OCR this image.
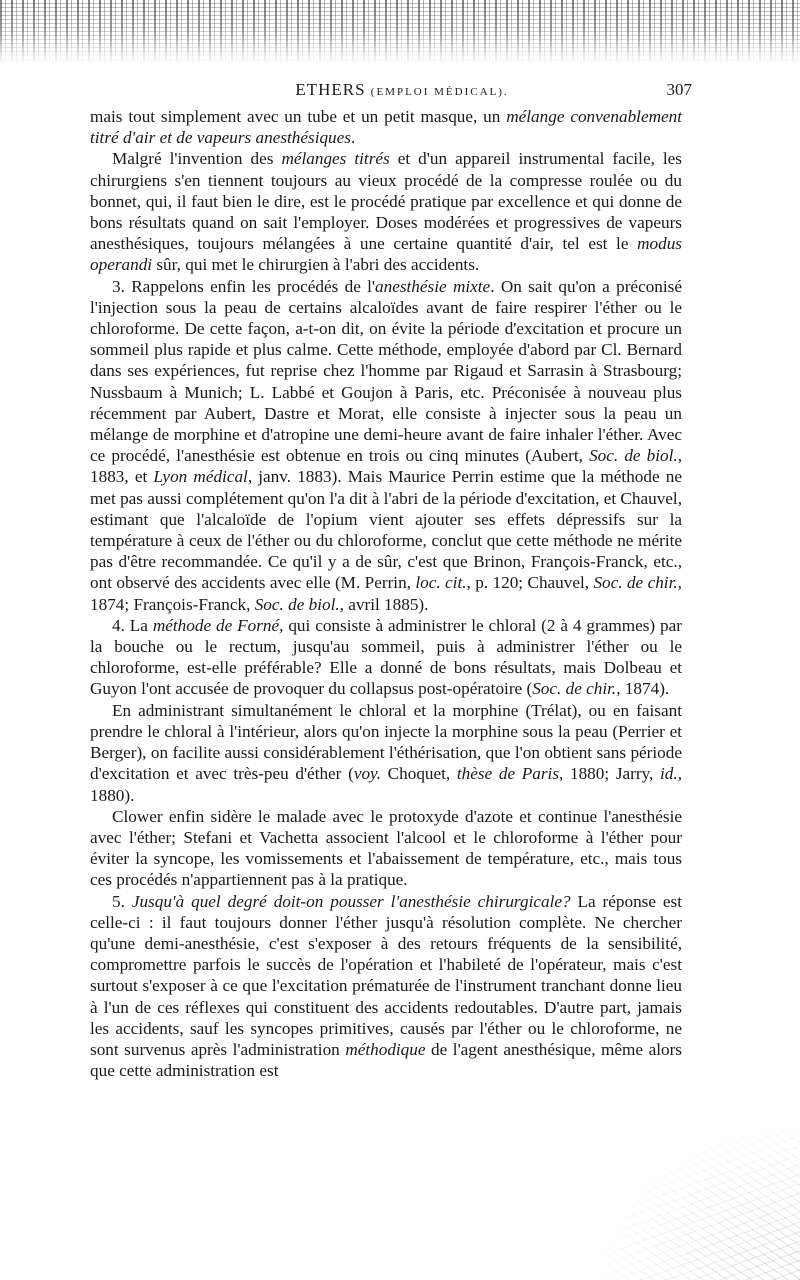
ETHERS (EMPLOI MÉDICAL).	307

mais tout simplement avec un tube et un petit masque, un mélange convenablement titré d'air et de vapeurs anesthésiques.

Malgré l'invention des mélanges titrés et d'un appareil instrumental facile, les chirurgiens s'en tiennent toujours au vieux procédé de la compresse roulée ou du bonnet, qui, il faut bien le dire, est le procédé pratique par excellence et qui donne de bons résultats quand on sait l'employer. Doses modérées et progressives de vapeurs anesthésiques, toujours mélangées à une certaine quantité d'air, tel est le modus operandi sûr, qui met le chirurgien à l'abri des accidents.

3. Rappelons enfin les procédés de l'anesthésie mixte. On sait qu'on a préconisé l'injection sous la peau de certains alcaloïdes avant de faire respirer l'éther ou le chloroforme. De cette façon, a-t-on dit, on évite la période d'excitation et procure un sommeil plus rapide et plus calme. Cette méthode, employée d'abord par Cl. Bernard dans ses expériences, fut reprise chez l'homme par Rigaud et Sarrasin à Strasbourg; Nussbaum à Munich; L. Labbé et Goujon à Paris, etc. Préconisée à nouveau plus récemment par Aubert, Dastre et Morat, elle consiste à injecter sous la peau un mélange de morphine et d'atropine une demi-heure avant de faire inhaler l'éther. Avec ce procédé, l'anesthésie est obtenue en trois ou cinq minutes (Aubert, Soc. de biol., 1883, et Lyon médical, janv. 1883). Mais Maurice Perrin estime que la méthode ne met pas aussi complétement qu'on l'a dit à l'abri de la période d'excitation, et Chauvel, estimant que l'alcaloïde de l'opium vient ajouter ses effets dépressifs sur la température à ceux de l'éther ou du chloroforme, conclut que cette méthode ne mérite pas d'être recommandée. Ce qu'il y a de sûr, c'est que Brinon, François-Franck, etc., ont observé des accidents avec elle (M. Perrin, loc. cit., p. 120; Chauvel, Soc. de chir., 1874; François-Franck, Soc. de biol., avril 1885).

4. La méthode de Forné, qui consiste à administrer le chloral (2 à 4 grammes) par la bouche ou le rectum, jusqu'au sommeil, puis à administrer l'éther ou le chloroforme, est-elle préférable? Elle a donné de bons résultats, mais Dolbeau et Guyon l'ont accusée de provoquer du collapsus post-opératoire (Soc. de chir., 1874).

En administrant simultanément le chloral et la morphine (Trélat), ou en faisant prendre le chloral à l'intérieur, alors qu'on injecte la morphine sous la peau (Perrier et Berger), on facilite aussi considérablement l'éthérisation, que l'on obtient sans période d'excitation et avec très-peu d'éther (voy. Choquet, thèse de Paris, 1880; Jarry, id., 1880).

Clower enfin sidère le malade avec le protoxyde d'azote et continue l'anesthésie avec l'éther; Stefani et Vachetta associent l'alcool et le chloroforme à l'éther pour éviter la syncope, les vomissements et l'abaissement de température, etc., mais tous ces procédés n'appartiennent pas à la pratique.

5. Jusqu'à quel degré doit-on pousser l'anesthésie chirurgicale? La réponse est celle-ci : il faut toujours donner l'éther jusqu'à résolution complète. Ne chercher qu'une demi-anesthésie, c'est s'exposer à des retours fréquents de la sensibilité, compromettre parfois le succès de l'opération et l'habileté de l'opérateur, mais c'est surtout s'exposer à ce que l'excitation prématurée de l'instrument tranchant donne lieu à l'un de ces réflexes qui constituent des accidents redoutables. D'autre part, jamais les accidents, sauf les syncopes primitives, causés par l'éther ou le chloroforme, ne sont survenus après l'administration méthodique de l'agent anesthésique, même alors que cette administration est
